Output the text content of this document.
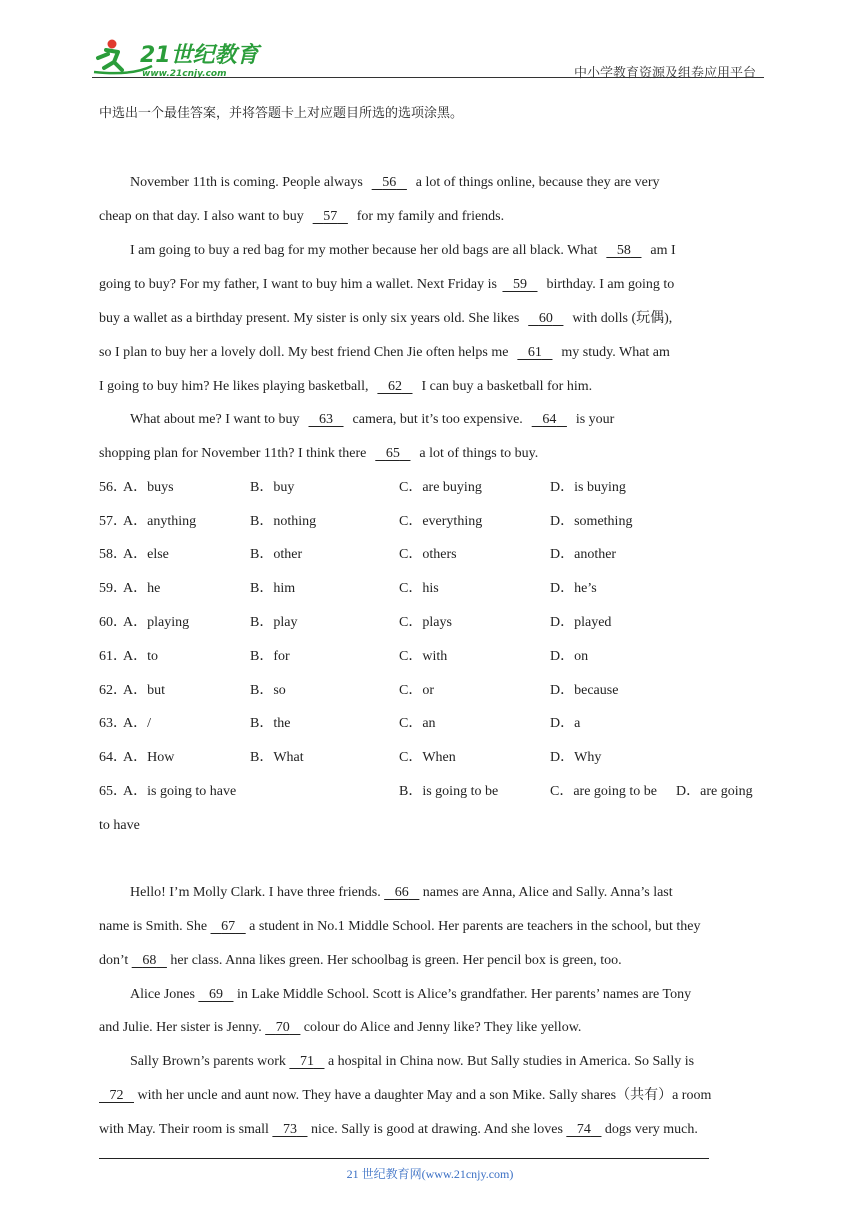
21世纪教育
www.21cnjy.com	中小学教育资源及组卷应用平台
中选出一个最佳答案，并将答题卡上对应题目所选的选项涂黑。
November 11th is coming. People always 56 a lot of things online, because they are very
cheap on that day. I also want to buy 57 for my family and friends.
I am going to buy a red bag for my mother because her old bags are all black. What 58 am I
going to buy? For my father, I want to buy him a wallet. Next Friday is 59 birthday. I am going to
buy a wallet as a birthday present. My sister is only six years old. She likes 60 with dolls (玩偶),
so I plan to buy her a lovely doll. My best friend Chen Jie often helps me 61 my study. What am
I going to buy him? He likes playing basketball, 62 I can buy a basketball for him.
What about me? I want to buy 63 camera, but it’s too expensive. 64 is your
shopping plan for November 11th? I think there 65 a lot of things to buy.
56．
A．buys	B．buy	C．are buying	D．is buying
57．
A．anything	B．nothing	C．everything	D．something
58．
A．else	B．other	C．others	D．another
59．
A．he	B．him	C．his	D．he’s
60．
A．playing	B．play	C．plays	D．played
61．
A．to	B．for	C．with	D．on
62．
A．but	B．so	C．or	D．because
63．
A．/	B．the	C．an	D．a
64．
A．How	B．What	C．When	D．Why
65．
A．is going to have	B．is going to be	C．are going to be D．are going
to have
Hello! I’m Molly Clark. I have three friends. 66 names are Anna, Alice and Sally. Anna’s last
name is Smith. She 67 a student in No.1 Middle School. Her parents are teachers in the school, but they
don’t 68 her class. Anna likes green. Her schoolbag is green. Her pencil box is green, too.
Alice Jones 69 in Lake Middle School. Scott is Alice’s grandfather. Her parents’ names are Tony
and Julie. Her sister is Jenny. 70 colour do Alice and Jenny like? They like yellow.
Sally Brown’s parents work 71 a hospital in China now. But Sally studies in America. So Sally is
72 with her uncle and aunt now. They have a daughter May and a son Mike. Sally shares（共有）a room
with May. Their room is small 73 nice. Sally is good at drawing. And she loves 74 dogs very much.
21 世纪教育网(www.21cnjy.com)
